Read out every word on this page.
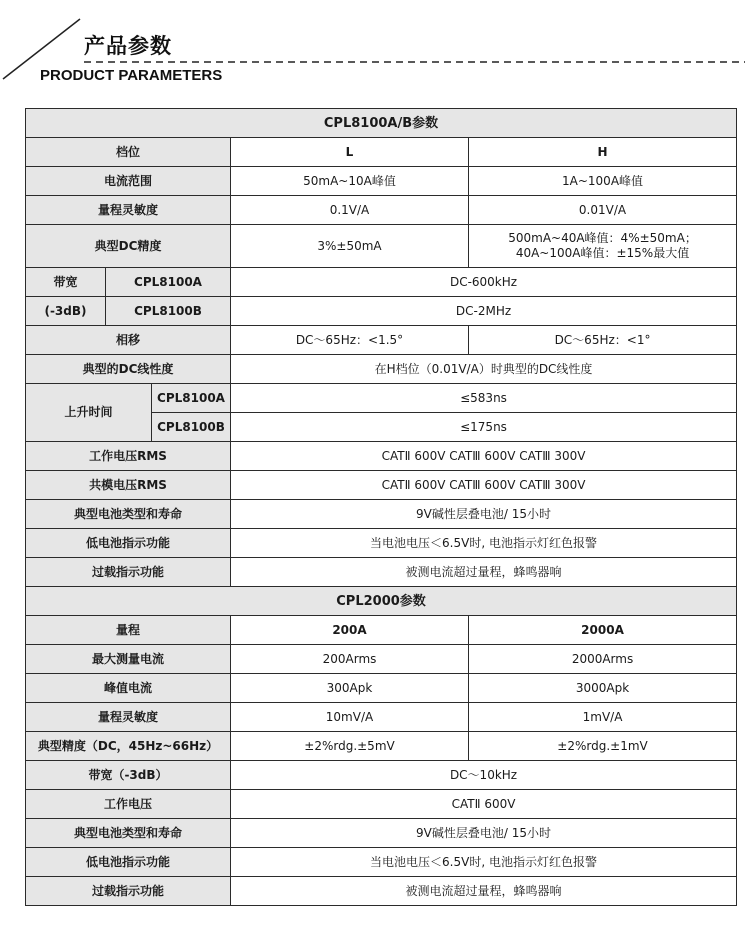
产品参数
PRODUCT PARAMETERS
CPL8100A/B参数				
档位			L	H
电流范围			50mA~10A峰值	1A~100A峰值
量程灵敏度			0.1V/A	0.01V/A
典型DC精度			3%±50mA	500mA~40A峰值：4%±50mA；
40A~100A峰值：±15%最大值

带宽	CPL8100A		DC-600kHz	
(-3dB)	CPL8100B		DC-2MHz	
相移			DC～65Hz：<1.5°	DC～65Hz：<1°
典型的DC线性度			在H档位（0.01V/A）时典型的DC线性度	
上升时间		CPL8100A	≤583ns	
		CPL8100B	≤175ns	
工作电压RMS			CATⅡ 600V CATⅢ 600V CATⅢ 300V	
共模电压RMS			CATⅡ 600V CATⅢ 600V CATⅢ 300V	
典型电池类型和寿命			9V碱性层叠电池/ 15小时	
低电池指示功能			当电池电压＜6.5V时, 电池指示灯红色报警	
过载指示功能			被测电流超过量程，蜂鸣器响	
CPL2000参数				
量程			200A	2000A
最大测量电流			200Arms	2000Arms
峰值电流			300Apk	3000Apk
量程灵敏度			10mV/A	1mV/A
典型精度（DC，45Hz~66Hz）			±2%rdg.±5mV	±2%rdg.±1mV
带宽（-3dB）			DC～10kHz	
工作电压			CATⅡ 600V	
典型电池类型和寿命			9V碱性层叠电池/ 15小时	
低电池指示功能			当电池电压＜6.5V时, 电池指示灯红色报警	
过载指示功能			被测电流超过量程，蜂鸣器响	
